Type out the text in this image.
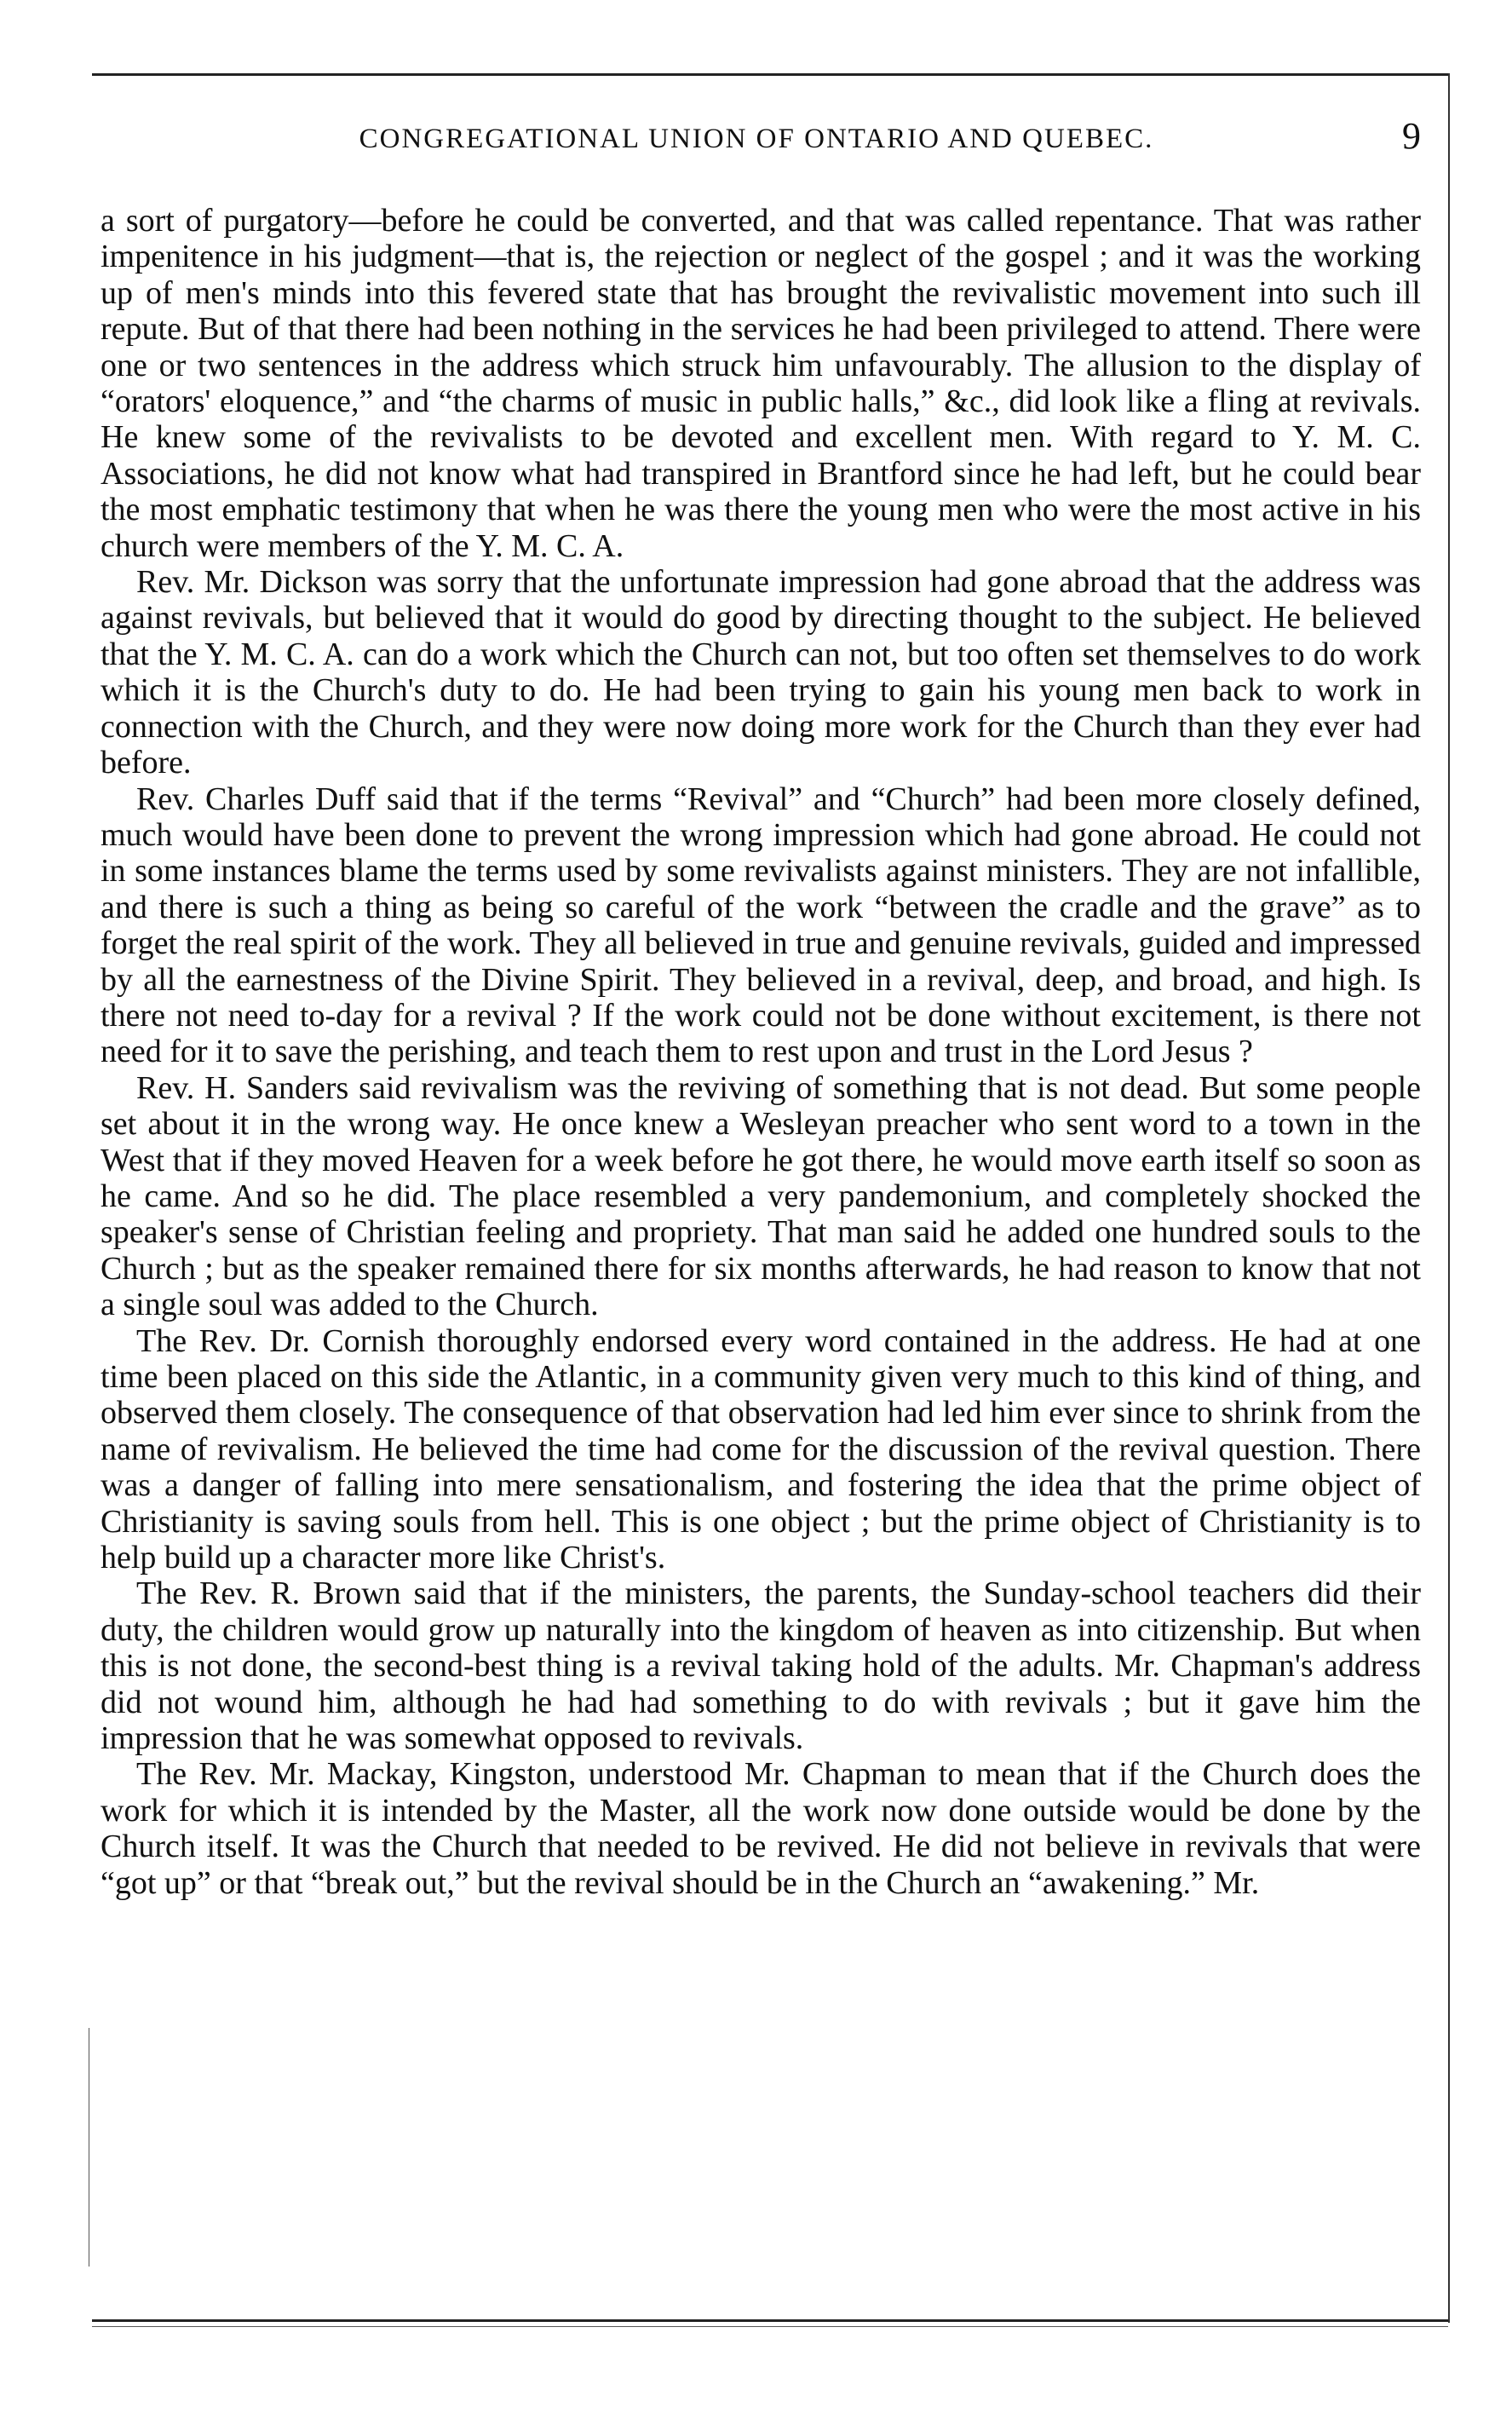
CONGREGATIONAL UNION OF ONTARIO AND QUEBEC.	9

a sort of purgatory—before he could be converted, and that was called repentance. That was rather impenitence in his judgment—that is, the rejection or neglect of the gospel ; and it was the working up of men's minds into this fevered state that has brought the revivalistic movement into such ill repute. But of that there had been nothing in the services he had been privileged to attend. There were one or two sentences in the address which struck him unfavourably. The allusion to the display of “orators' eloquence,” and “the charms of music in public halls,” &c., did look like a fling at revivals. He knew some of the revivalists to be devoted and excellent men. With regard to Y. M. C. Associations, he did not know what had transpired in Brantford since he had left, but he could bear the most emphatic testimony that when he was there the young men who were the most active in his church were members of the Y. M. C. A.

Rev. Mr. Dickson was sorry that the unfortunate impression had gone abroad that the address was against revivals, but believed that it would do good by directing thought to the subject. He believed that the Y. M. C. A. can do a work which the Church can not, but too often set themselves to do work which it is the Church's duty to do. He had been trying to gain his young men back to work in connection with the Church, and they were now doing more work for the Church than they ever had before.

Rev. Charles Duff said that if the terms “Revival” and “Church” had been more closely defined, much would have been done to prevent the wrong impression which had gone abroad. He could not in some instances blame the terms used by some revivalists against ministers. They are not infallible, and there is such a thing as being so careful of the work “between the cradle and the grave” as to forget the real spirit of the work. They all believed in true and genuine revivals, guided and impressed by all the earnestness of the Divine Spirit. They believed in a revival, deep, and broad, and high. Is there not need to-day for a revival ? If the work could not be done without excitement, is there not need for it to save the perishing, and teach them to rest upon and trust in the Lord Jesus ?

Rev. H. Sanders said revivalism was the reviving of something that is not dead. But some people set about it in the wrong way. He once knew a Wesleyan preacher who sent word to a town in the West that if they moved Heaven for a week before he got there, he would move earth itself so soon as he came. And so he did. The place resembled a very pandemonium, and completely shocked the speaker's sense of Christian feeling and propriety. That man said he added one hundred souls to the Church ; but as the speaker remained there for six months afterwards, he had reason to know that not a single soul was added to the Church.

The Rev. Dr. Cornish thoroughly endorsed every word contained in the address. He had at one time been placed on this side the Atlantic, in a community given very much to this kind of thing, and observed them closely. The consequence of that observation had led him ever since to shrink from the name of revivalism. He believed the time had come for the discussion of the revival question. There was a danger of falling into mere sensationalism, and fostering the idea that the prime object of Christianity is saving souls from hell. This is one object ; but the prime object of Christianity is to help build up a character more like Christ's.

The Rev. R. Brown said that if the ministers, the parents, the Sunday-school teachers did their duty, the children would grow up naturally into the kingdom of heaven as into citizenship. But when this is not done, the second-best thing is a revival taking hold of the adults. Mr. Chapman's address did not wound him, although he had had something to do with revivals ; but it gave him the impression that he was somewhat opposed to revivals.

The Rev. Mr. Mackay, Kingston, understood Mr. Chapman to mean that if the Church does the work for which it is intended by the Master, all the work now done outside would be done by the Church itself. It was the Church that needed to be revived. He did not believe in revivals that were “got up” or that “break out,” but the revival should be in the Church an “awakening.” Mr.
